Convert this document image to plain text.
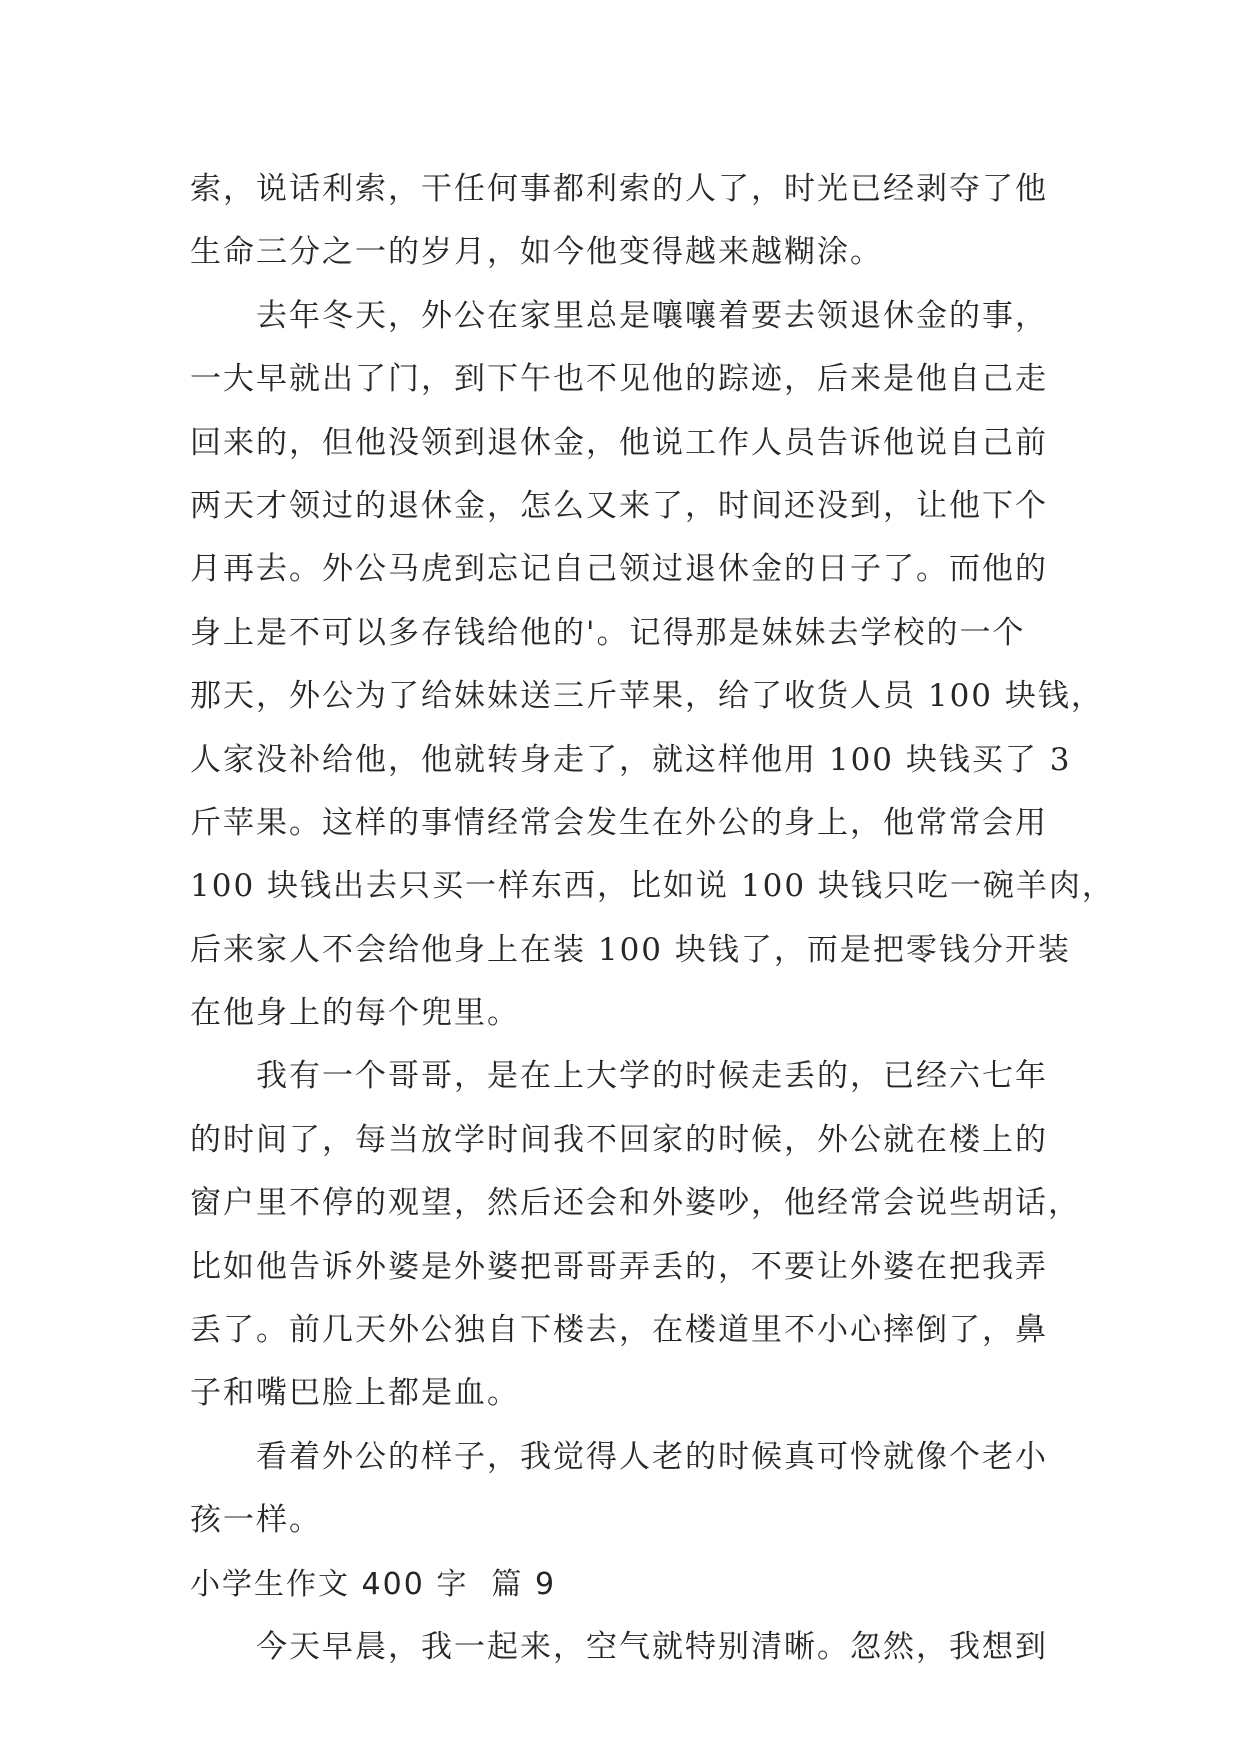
索，说话利索，干任何事都利索的人了，时光已经剥夺了他
生命三分之一的岁月，如今他变得越来越糊涂。
　　去年冬天，外公在家里总是嚷嚷着要去领退休金的事，
一大早就出了门，到下午也不见他的踪迹，后来是他自己走
回来的，但他没领到退休金，他说工作人员告诉他说自己前
两天才领过的退休金，怎么又来了，时间还没到，让他下个
月再去。外公马虎到忘记自己领过退休金的日子了。而他的
身上是不可以多存钱给他的'。记得那是妹妹去学校的一个
那天，外公为了给妹妹送三斤苹果，给了收货人员 100 块钱，
人家没补给他，他就转身走了，就这样他用 100 块钱买了 3
斤苹果。这样的事情经常会发生在外公的身上，他常常会用
100 块钱出去只买一样东西，比如说 100 块钱只吃一碗羊肉，
后来家人不会给他身上在装 100 块钱了，而是把零钱分开装
在他身上的每个兜里。
　　我有一个哥哥，是在上大学的时候走丢的，已经六七年
的时间了，每当放学时间我不回家的时候，外公就在楼上的
窗户里不停的观望，然后还会和外婆吵，他经常会说些胡话，
比如他告诉外婆是外婆把哥哥弄丢的，不要让外婆在把我弄
丢了。前几天外公独自下楼去，在楼道里不小心摔倒了，鼻
子和嘴巴脸上都是血。
　　看着外公的样子，我觉得人老的时候真可怜就像个老小
孩一样。
小学生作文 400 字  篇 9
　　今天早晨，我一起来，空气就特别清晰。忽然，我想到
